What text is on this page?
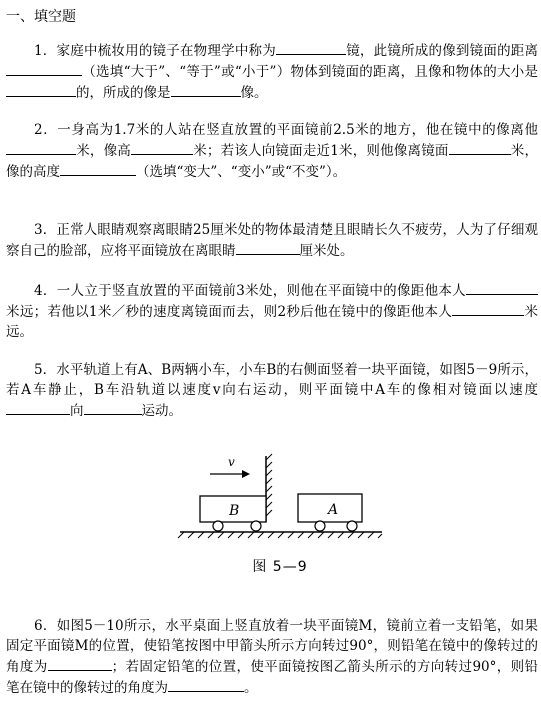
一、填空题
1．家庭中梳妆用的镜子在物理学中称为	镜，此镜所成的像到镜面的距离（选填“大于”、“等于”或“小于”）物体到镜面的距离，且像和物体的大小是的，所成的像是	像。
2．一身高为1.7米的人站在竖直放置的平面镜前2.5米的地方，他在镜中的像离他米，像高	米；若该人向镜面走近1米，则他像离镜面	米，像的高度	（选填“变大”、“变小”或“不变”）。
3．正常人眼睛观察离眼睛25厘米处的物体最清楚且眼睛长久不疲劳，人为了仔细观察自己的脸部，应将平面镜放在离眼睛	厘米处。
4．一人立于竖直放置的平面镜前3米处，则他在平面镜中的像距他本人米远；若他以1米／秒的速度离镜面而去，则2秒后他在镜中的像距他本人	米远。
5．水平轨道上有A、B两辆小车，小车B的右侧面竖着一块平面镜，如图5－9所示，若A车静止，B车沿轨道以速度v向右运动，则平面镜中A车的像相对镜面以速度向	运动。
v
B	A
图 5—9
6．如图5－10所示，水平桌面上竖直放着一块平面镜M，镜前立着一支铅笔，如果固定平面镜M的位置，使铅笔按图中甲箭头所示方向转过90°，则铅笔在镜中的像转过的角度为	；若固定铅笔的位置，使平面镜按图乙箭头所示的方向转过90°，则铅笔在镜中的像转过的角度为	。
